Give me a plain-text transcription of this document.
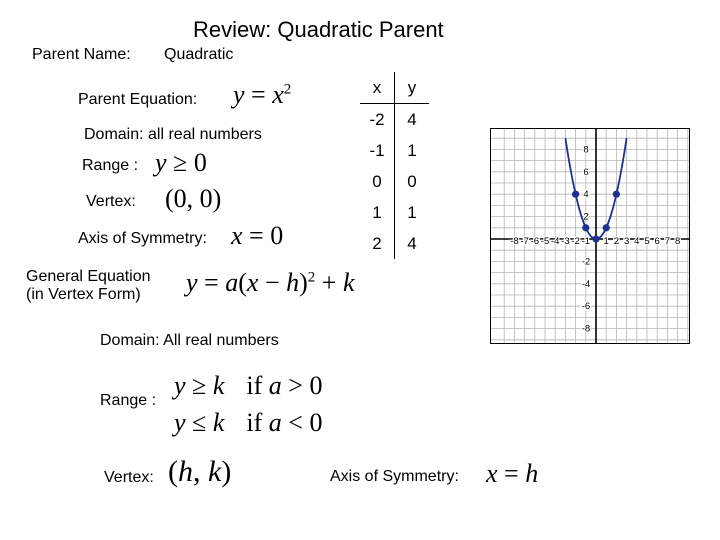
Review: Quadratic Parent
Parent Name: Quadratic
Parent Equation: $y = x^2$
Domain: all real numbers
Range : y ≥ 0
Vertex: (0, 0)
Axis of Symmetry: x = 0
x	y
-2	4
-1	1
0	0
1	1
2	4	-8 -7 -6 -5 -4 -3 -2 -1 1 2 3 4 5 6 7 8
8
6
4
2
-2
-4
-6
-8
General Equation
(in Vertex Form)	$y = a(x - h)^2 + k$
Domain: All real numbers
Range :
y ≥ k if a > 0
y ≤ k if a < 0
Vertex: (h, k)	Axis of Symmetry: x = h
